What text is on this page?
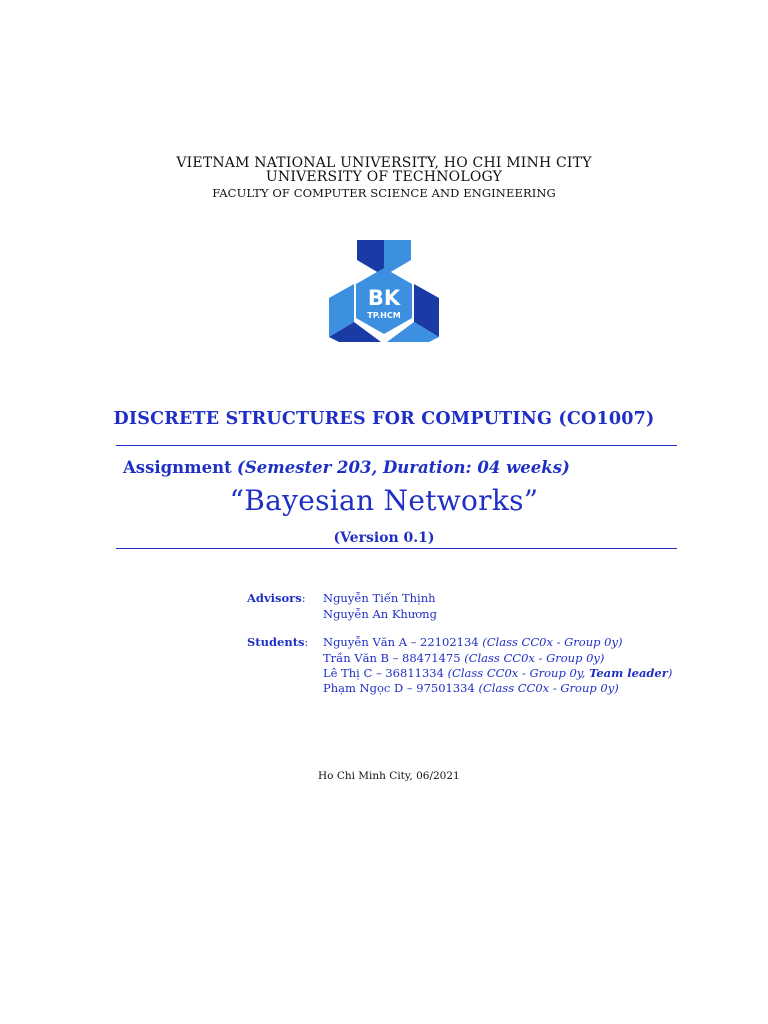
VIETNAM NATIONAL UNIVERSITY, HO CHI MINH CITY
UNIVERSITY OF TECHNOLOGY
FACULTY OF COMPUTER SCIENCE AND ENGINEERING
BK
TP.HCM
DISCRETE STRUCTURES FOR COMPUTING (CO1007)
Assignment (Semester 203, Duration: 04 weeks)
“Bayesian Networks”
(Version 0.1)
Advisors: Nguyễn Tiến Thịnh
Nguyễn An Khương
Students: Nguyễn Văn A – 22102134 (Class CC0x - Group 0y)
Trần Văn B – 88471475 (Class CC0x - Group 0y)
Lê Thị C – 36811334 (Class CC0x - Group 0y, Team leader)
Phạm Ngọc D – 97501334 (Class CC0x - Group 0y)
Ho Chi Minh City, 06/2021
